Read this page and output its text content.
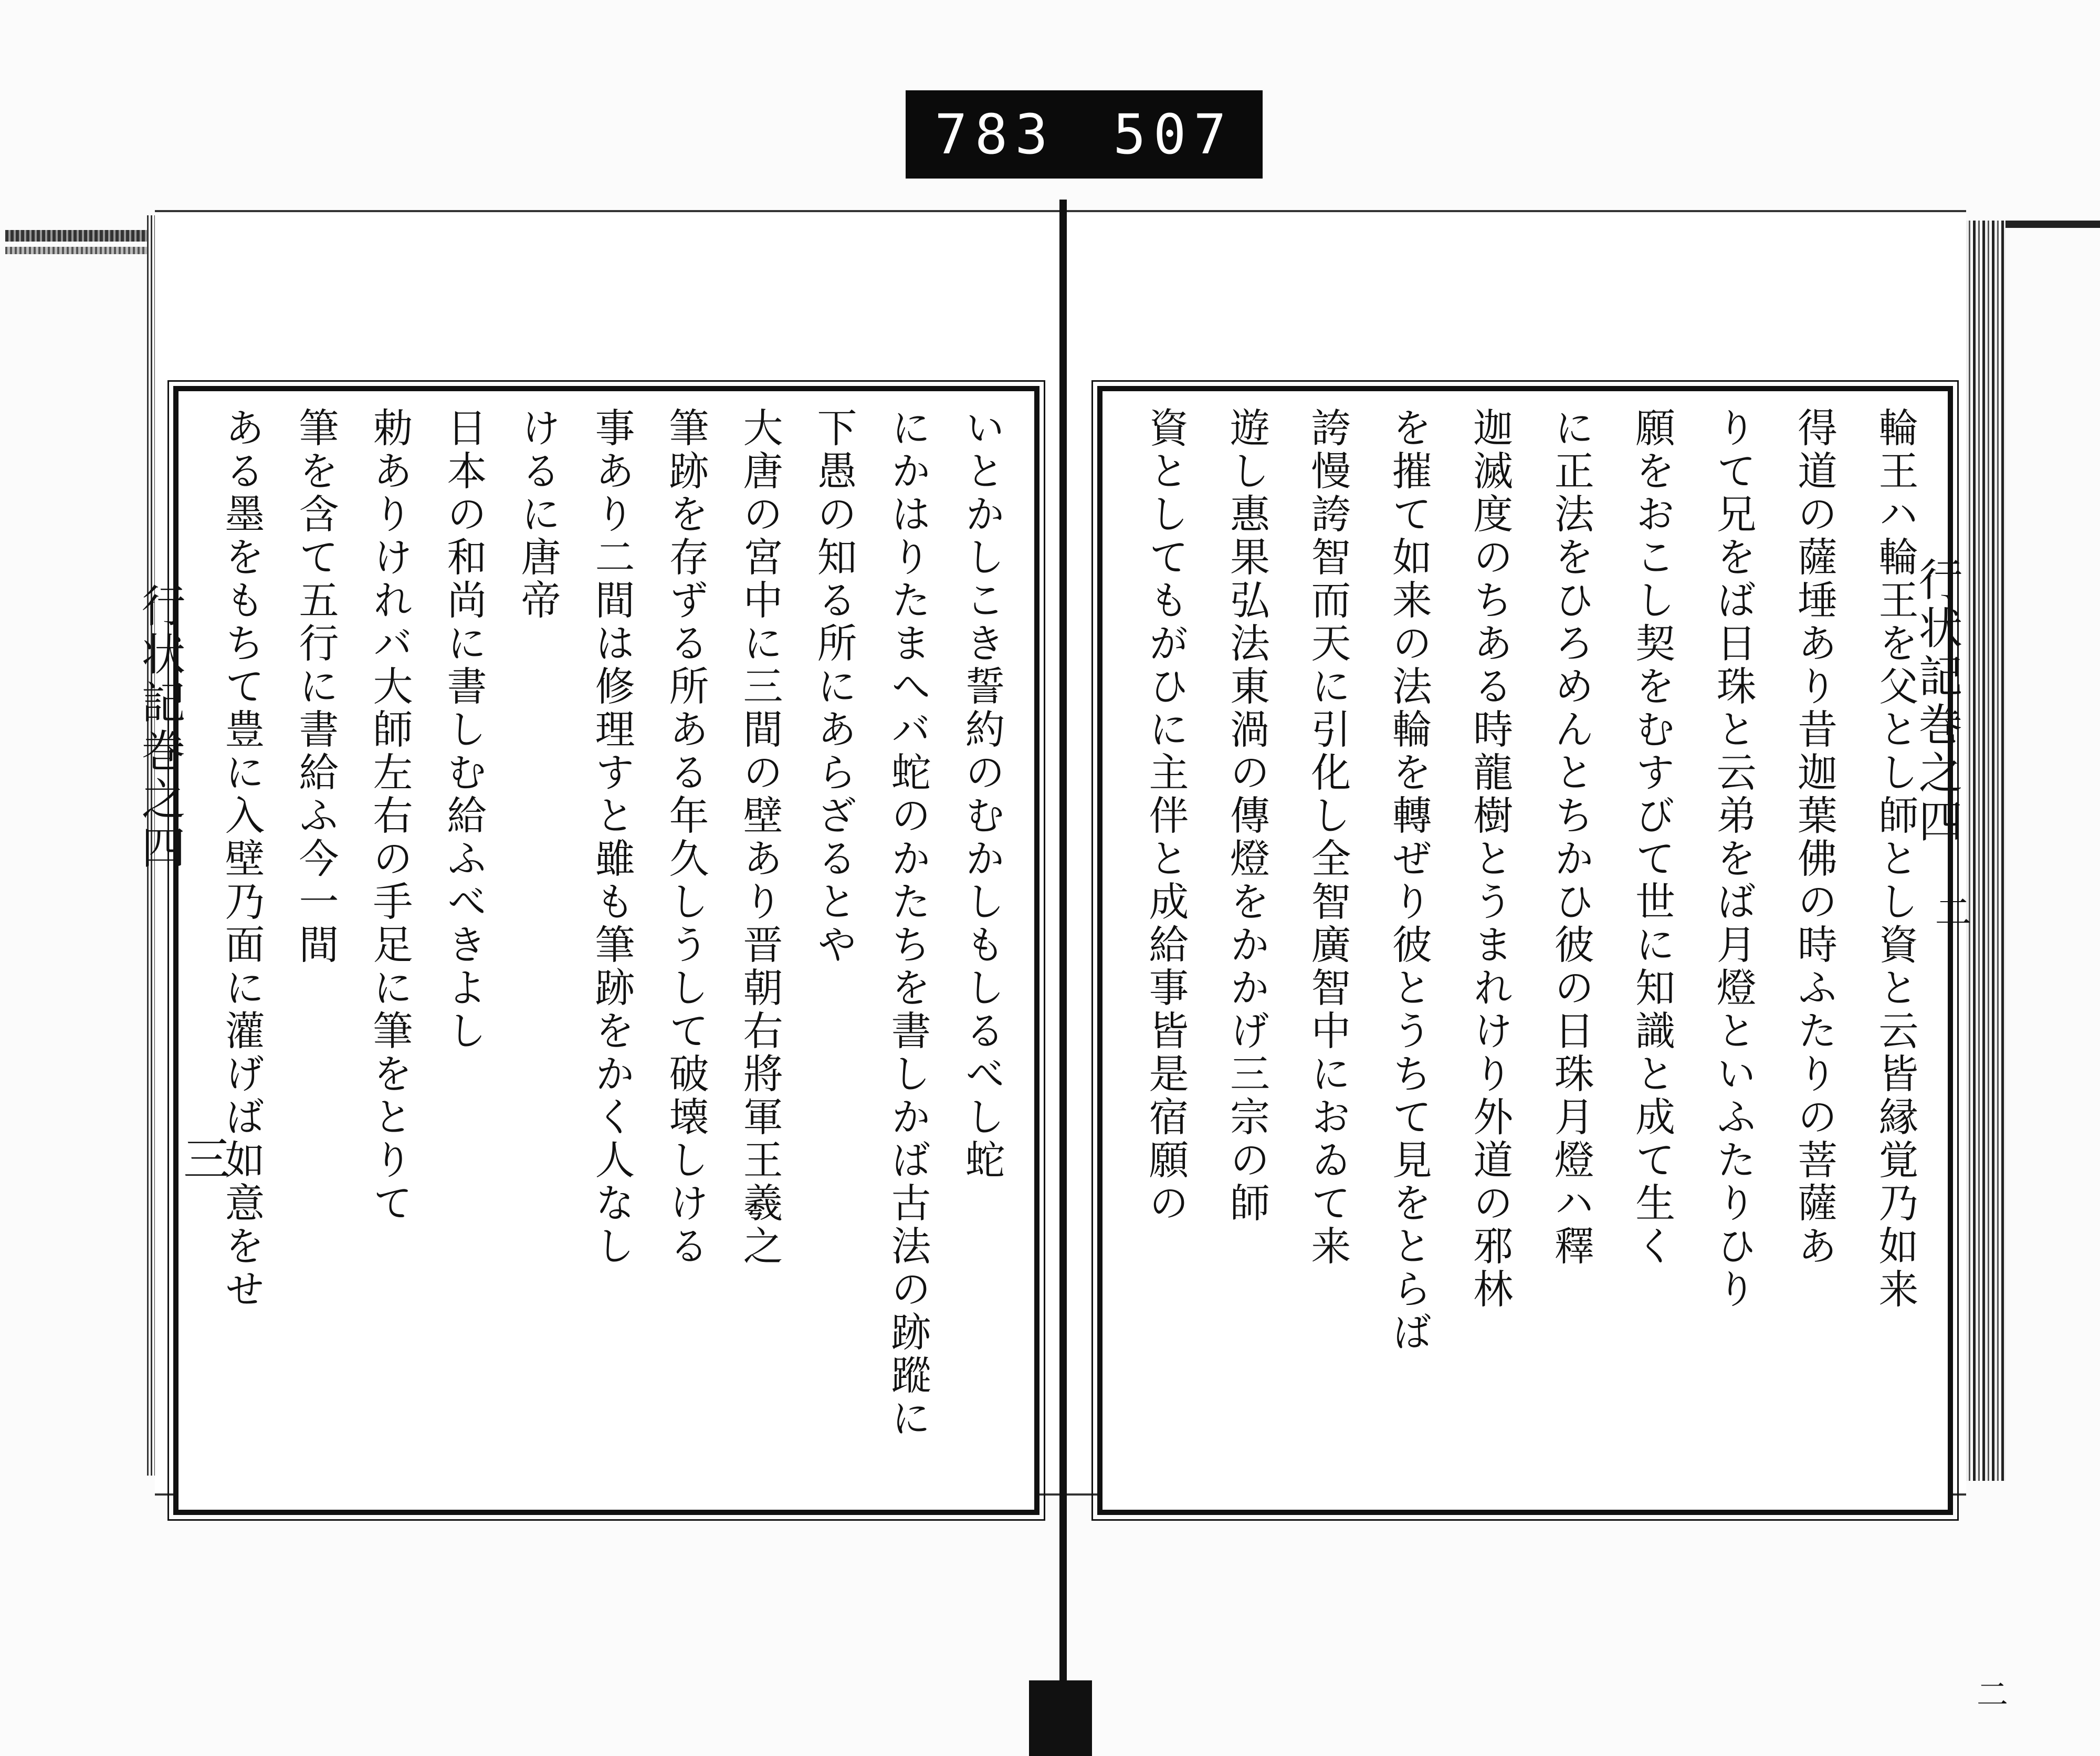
783 507
輪王ハ輪王を父とし師とし資と云皆縁覚乃如来
得道の薩埵あり昔迦葉佛の時ふたりの菩薩あ
りて兄をば日珠と云弟をば月燈といふたりひり
願をおこし契をむすびて世に知識と成て生く
に正法をひろめんとちかひ彼の日珠月燈ハ釋
迦滅度のちある時龍樹とうまれけり外道の邪林
を摧て如来の法輪を轉ぜり彼とうちて見をとらば
誇慢誇智而天に引化し全智廣智中におゐて来
遊し惠果弘法東渦の傳燈をかかげ三宗の師
資としてもがひに主伴と成給事皆是宿願の	行状記巻之四
二
いとかしこき誓約のむかしもしるべし蛇
にかはりたまへバ蛇のかたちを書しかば古法の跡蹤に
下愚の知る所にあらざるとや
大唐の宮中に三間の壁あり晋朝右將軍王羲之
筆跡を存ずる所ある年久しうして破壊しける
事あり二間は修理すと雖も筆跡をかく人なし
けるに唐帝
日本の和尚に書しむ給ふべきよし
勅ありけれバ大師左右の手足に筆をとりて
筆を含て五行に書給ふ今一間
ある墨をもちて豊に入壁乃面に灌げば如意をせ
行状記巻之四
三
二
